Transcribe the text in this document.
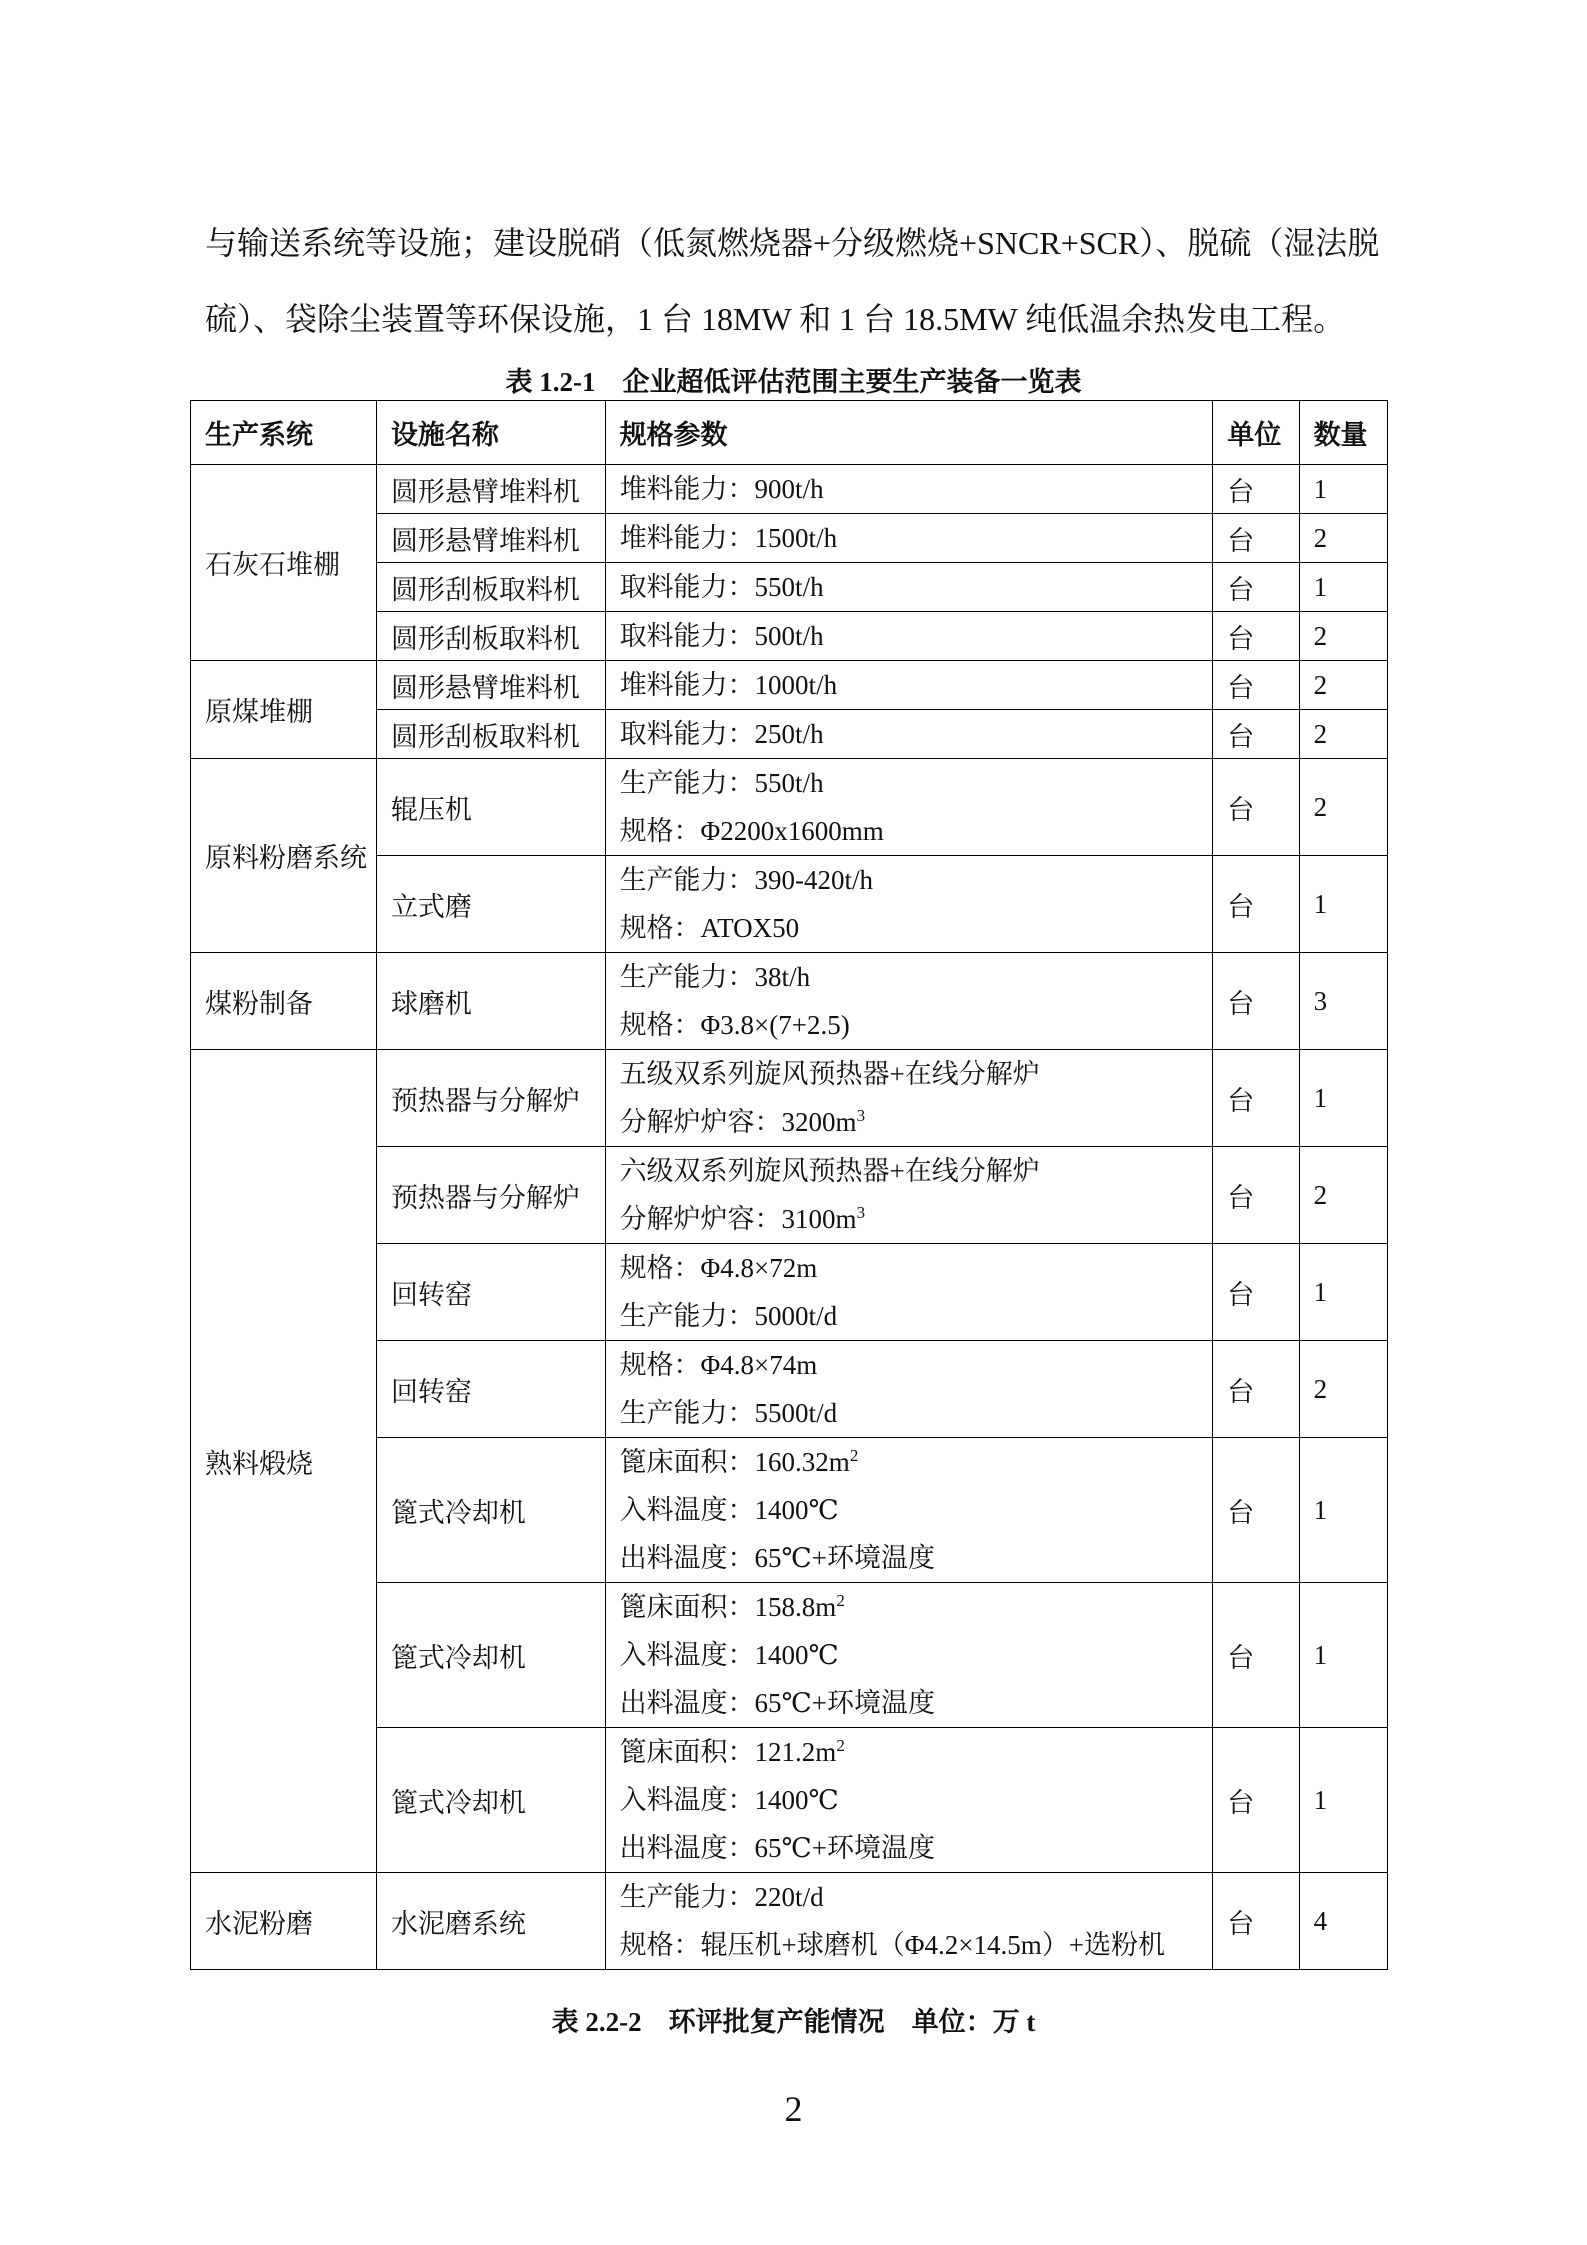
与输送系统等设施；建设脱硝（低氮燃烧器+分级燃烧+SNCR+SCR）、脱硫（湿法脱
硫）、袋除尘装置等环保设施，1 台 18MW 和 1 台 18.5MW 纯低温余热发电工程。

表 1.2-1　企业超低评估范围主要生产装备一览表
生产系统	设施名称	规格参数	单位	数量
石灰石堆棚	圆形悬臂堆料机	堆料能力：900t/h	台	1
	圆形悬臂堆料机	堆料能力：1500t/h	台	2
	圆形刮板取料机	取料能力：550t/h	台	1
	圆形刮板取料机	取料能力：500t/h	台	2
原煤堆棚	圆形悬臂堆料机	堆料能力：1000t/h	台	2
	圆形刮板取料机	取料能力：250t/h	台	2
原料粉磨系统	辊压机	生产能力：550t/h
规格：Φ2200x1600mm	台	2
	立式磨	生产能力：390-420t/h
规格：ATOX50	台	1
煤粉制备	球磨机	生产能力：38t/h
规格：Φ3.8×(7+2.5)	台	3
熟料煅烧	预热器与分解炉	五级双系列旋风预热器+在线分解炉
分解炉炉容：$3200m^3$	台	1
	预热器与分解炉	六级双系列旋风预热器+在线分解炉
分解炉炉容：$3100m^3$	台	2
	回转窑	规格：Φ4.8×72m
生产能力：5000t/d	台	1
	回转窑	规格：Φ4.8×74m
生产能力：5500t/d	台	2
	篦式冷却机	篦床面积：$160.32m^2$
入料温度：1400℃
出料温度：65℃+环境温度	台	1
	篦式冷却机	篦床面积：$158.8m^2$
入料温度：1400℃
出料温度：65℃+环境温度	台	1
	篦式冷却机	篦床面积：$121.2m^2$
入料温度：1400℃
出料温度：65℃+环境温度	台	1
水泥粉磨	水泥磨系统	生产能力：220t/d
规格：辊压机+球磨机（Φ4.2×14.5m）+选粉机	台	4
表 2.2-2　环评批复产能情况　单位：万 t
2
